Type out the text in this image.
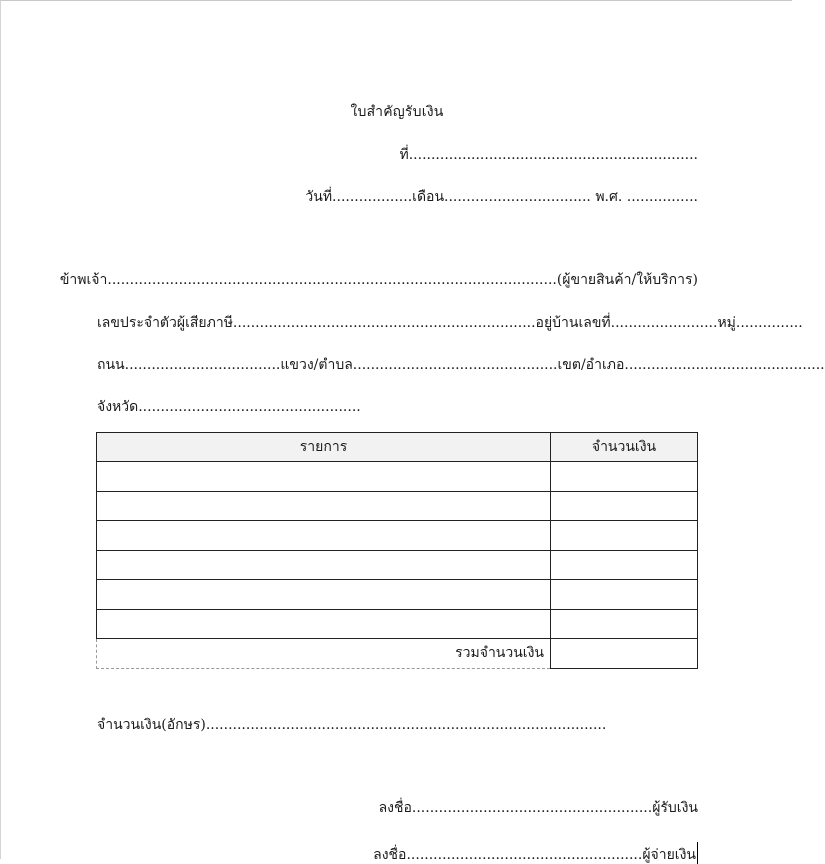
ใบสำคัญรับเงิน
ที่.................................................................
วันที่..................เดือน................................. พ.ศ. ................
ข้าพเจ้า.....................................................................................................(ผู้ขายสินค้า/ให้บริการ)
เลขประจำตัวผู้เสียภาษี.................................................................... อยู่บ้านเลขที่........................ หมู่...............
ถนน................................... แขวง/ตำบล.............................................. เขต/อำเภอ.............................................
จังหวัด..................................................
รายการ	จำนวนเงิน

รวมจำนวนเงิน	
จำนวนเงิน(อักษร)..........................................................................................
ลงชื่อ......................................................ผู้รับเงิน
ลงชื่อ.....................................................ผู้จ่ายเงิน
